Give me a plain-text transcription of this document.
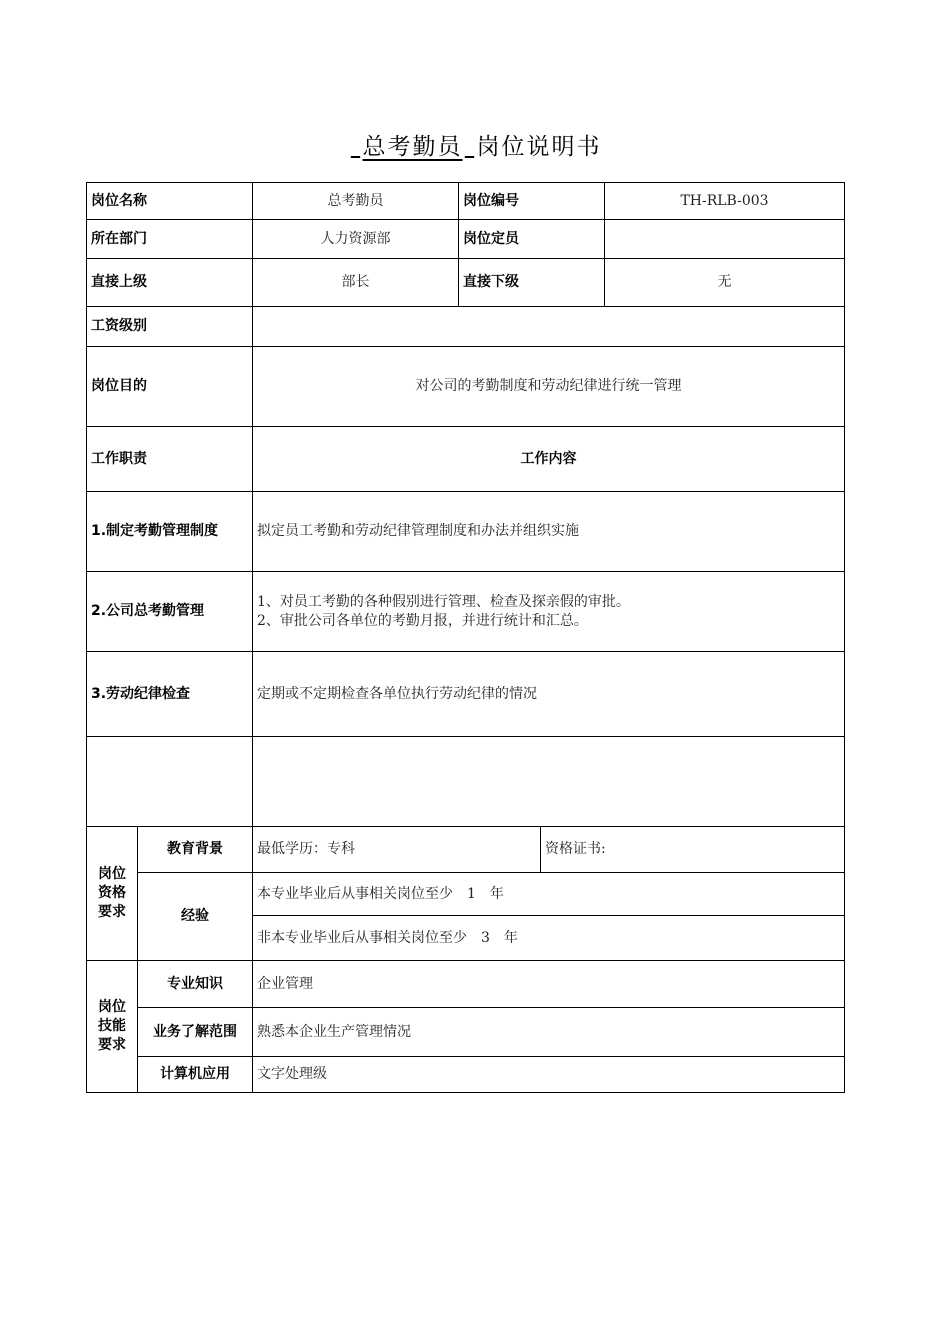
总考勤员 岗位说明书
岗位名称		总考勤员	岗位编号		TH-RLB-003
所在部门		人力资源部	岗位定员		
直接上级		部长	直接下级		无
工资级别					
岗位目的		对公司的考勤制度和劳动纪律进行统一管理			
工作职责		工作内容			
1.制定考勤管理制度		拟定员工考勤和劳动纪律管理制度和办法并组织实施			

2.公司总考勤管理		1、对员工考勤的各种假别进行管理、检查及探亲假的审批。
2、审批公司各单位的考勤月报，并进行统计和汇总。			

3.劳动纪律检查		定期或不定期检查各单位执行劳动纪律的情况			

岗位资格要求	教育背景	最低学历：专科		资格证书:	
	经验	本专业毕业后从事相关岗位至少　1　年			
		非本专业毕业后从事相关岗位至少　3　年			

岗位技能要求	专业知识	企业管理			
	业务了解范围	熟悉本企业生产管理情况			
	计算机应用	文字处理级			
